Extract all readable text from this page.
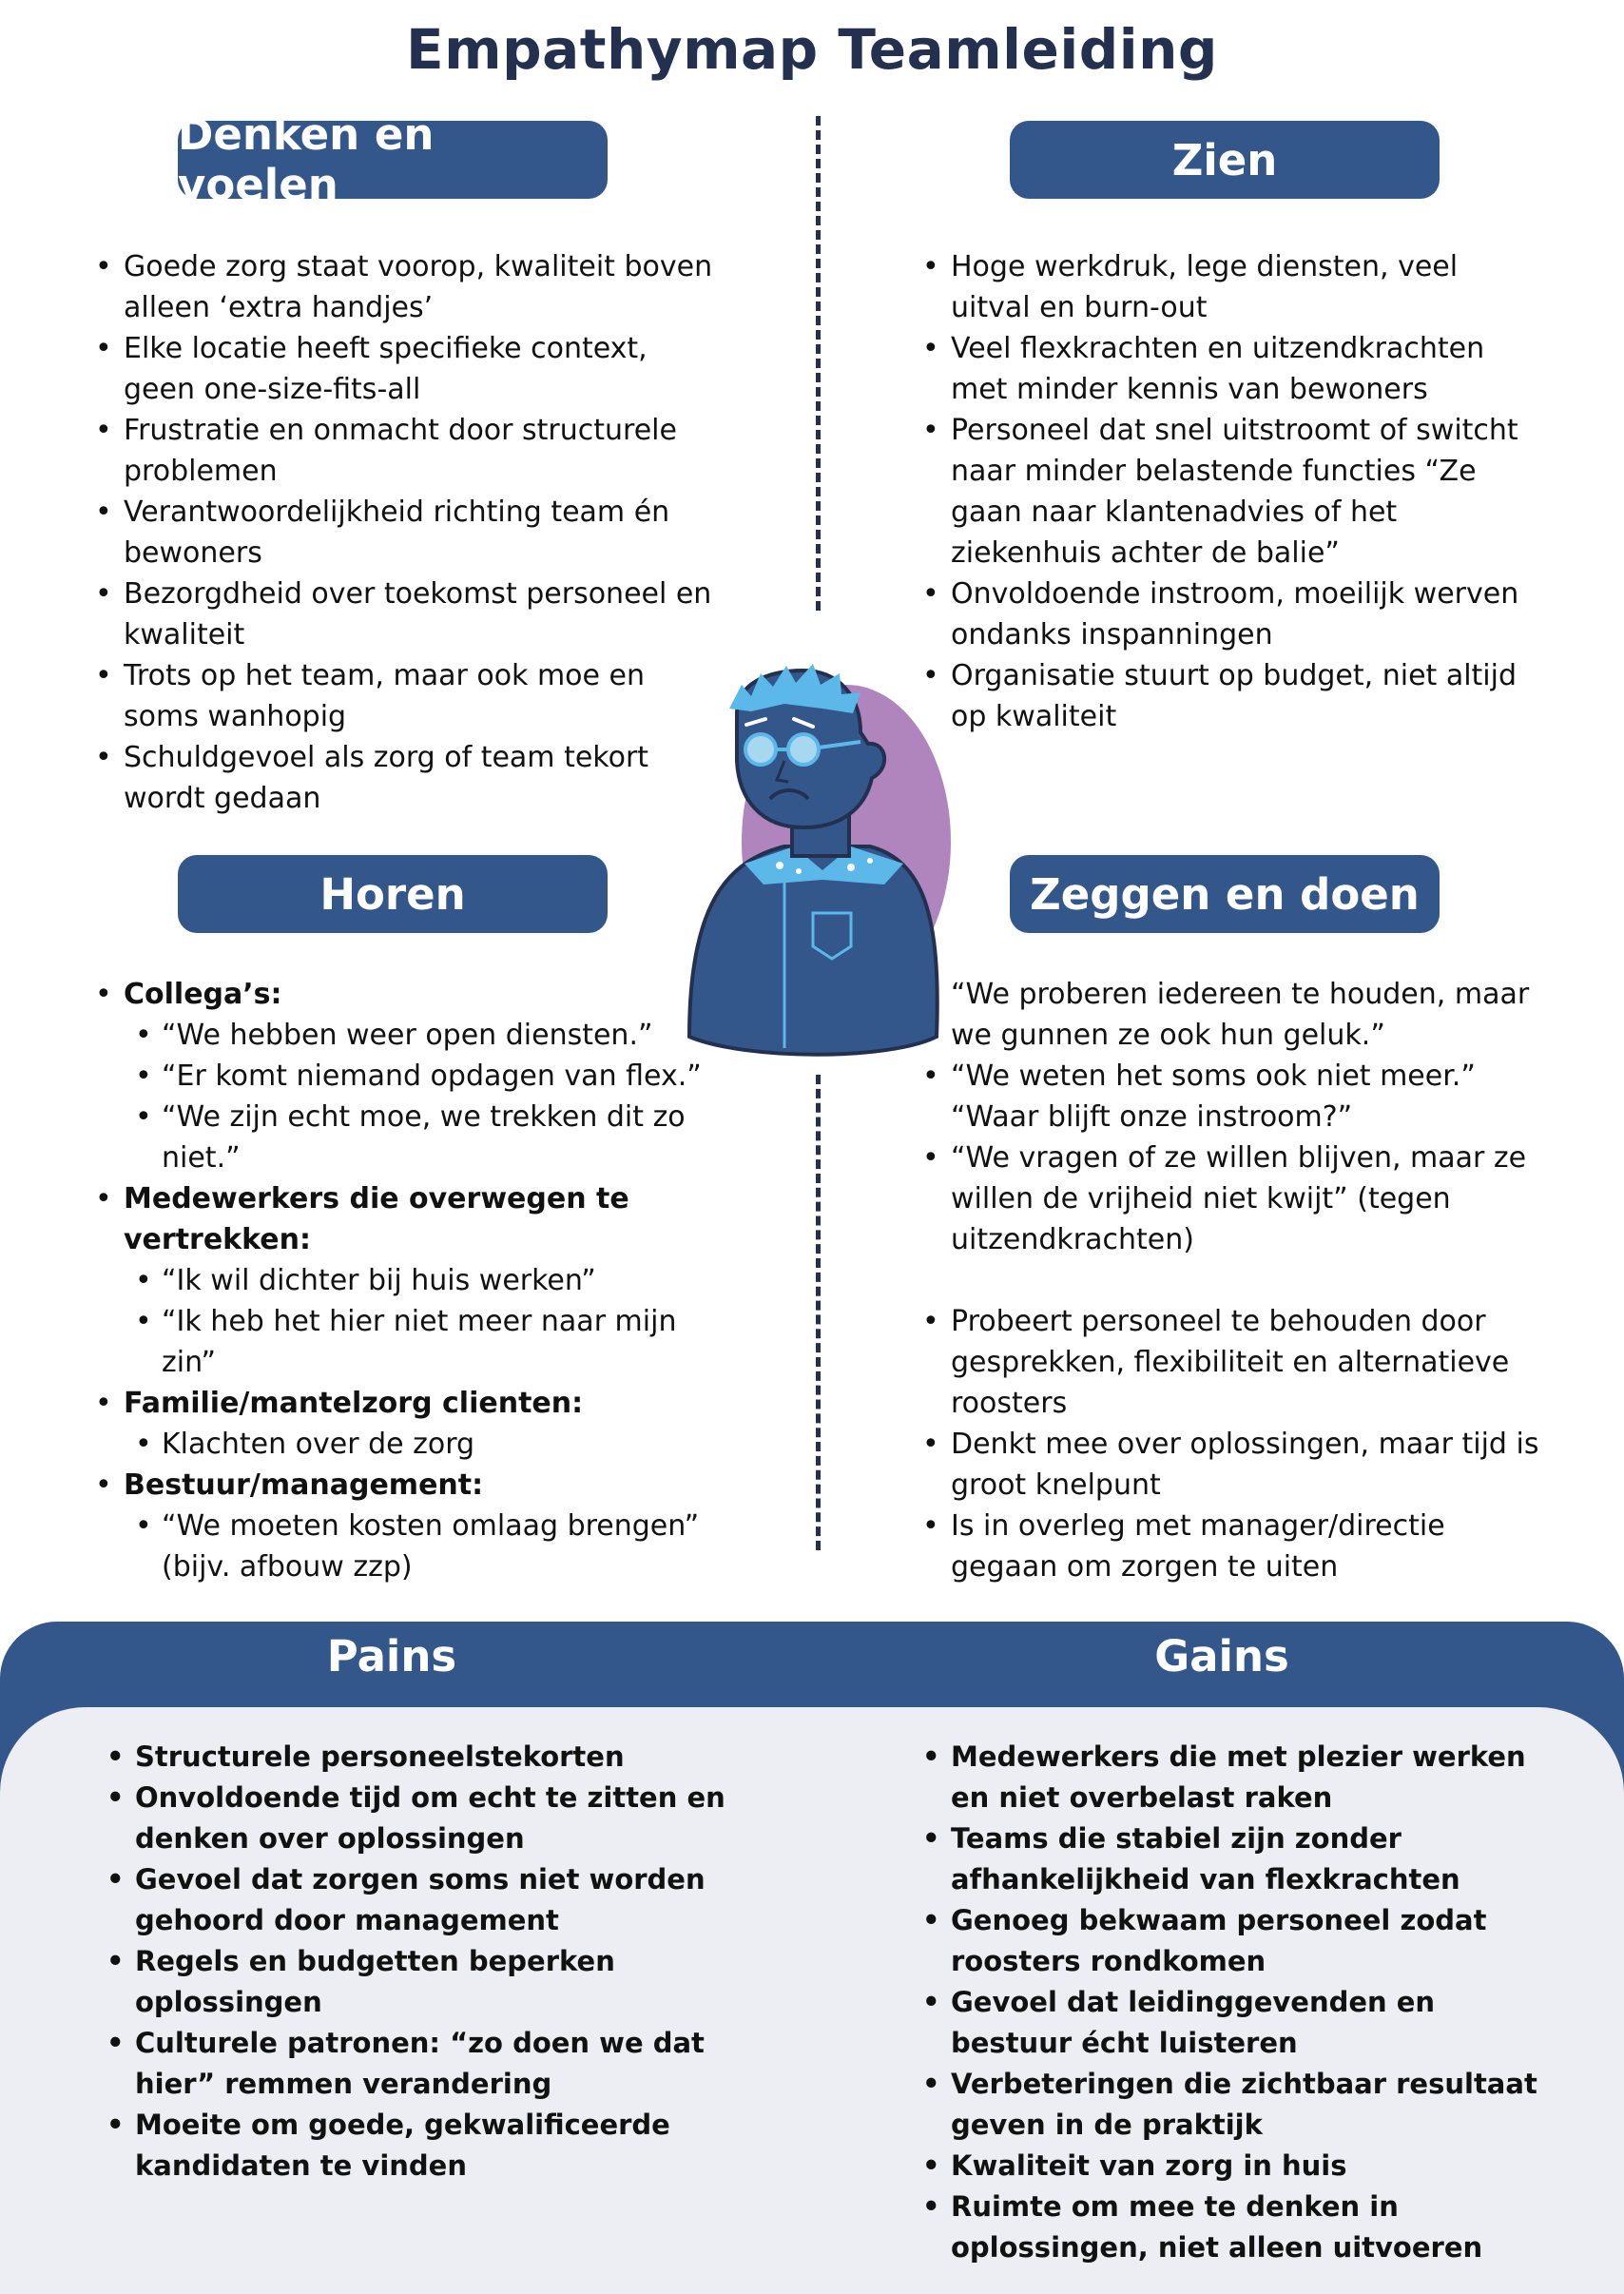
Empathymap Teamleiding
Denken en voelen	Zien
Horen	Zeggen en doen
• Goede zorg staat voorop, kwaliteit boven alleen ‘extra handjes’
• Elke locatie heeft specifieke context, geen one-size-fits-all
• Frustratie en onmacht door structurele problemen
• Verantwoordelijkheid richting team én bewoners
• Bezorgdheid over toekomst personeel en kwaliteit
• Trots op het team, maar ook moe en soms wanhopig
• Schuldgevoel als zorg of team tekort wordt gedaan
• Hoge werkdruk, lege diensten, veel uitval en burn-out
• Veel flexkrachten en uitzendkrachten met minder kennis van bewoners
• Personeel dat snel uitstroomt of switcht naar minder belastende functies “Ze gaan naar klantenadvies of het ziekenhuis achter de balie”
• Onvoldoende instroom, moeilijk werven ondanks inspanningen
• Organisatie stuurt op budget, niet altijd op kwaliteit
• Collega’s:
• “We hebben weer open diensten.”
• “Er komt niemand opdagen van flex.”
• “We zijn echt moe, we trekken dit zo niet.”
• Medewerkers die overwegen te vertrekken:
• “Ik wil dichter bij huis werken”
• “Ik heb het hier niet meer naar mijn zin”
• Familie/mantelzorg clienten:
• Klachten over de zorg
• Bestuur/management:
• “We moeten kosten omlaag brengen” (bijv. afbouw zzp)
• “We proberen iedereen te houden, maar we gunnen ze ook hun geluk.”
• “We weten het soms ook niet meer.” “Waar blijft onze instroom?”
• “We vragen of ze willen blijven, maar ze willen de vrijheid niet kwijt” (tegen uitzendkrachten)
• Probeert personeel te behouden door gesprekken, flexibiliteit en alternatieve roosters
• Denkt mee over oplossingen, maar tijd is groot knelpunt
• Is in overleg met manager/directie gegaan om zorgen te uiten
Pains	Gains
• Structurele personeelstekorten
• Onvoldoende tijd om echt te zitten en denken over oplossingen
• Gevoel dat zorgen soms niet worden gehoord door management
• Regels en budgetten beperken oplossingen
• Culturele patronen: “zo doen we dat hier” remmen verandering
• Moeite om goede, gekwalificeerde kandidaten te vinden
• Medewerkers die met plezier werken en niet overbelast raken
• Teams die stabiel zijn zonder afhankelijkheid van flexkrachten
• Genoeg bekwaam personeel zodat roosters rondkomen
• Gevoel dat leidinggevenden en bestuur écht luisteren
• Verbeteringen die zichtbaar resultaat geven in de praktijk
• Kwaliteit van zorg in huis
• Ruimte om mee te denken in oplossingen, niet alleen uitvoeren
